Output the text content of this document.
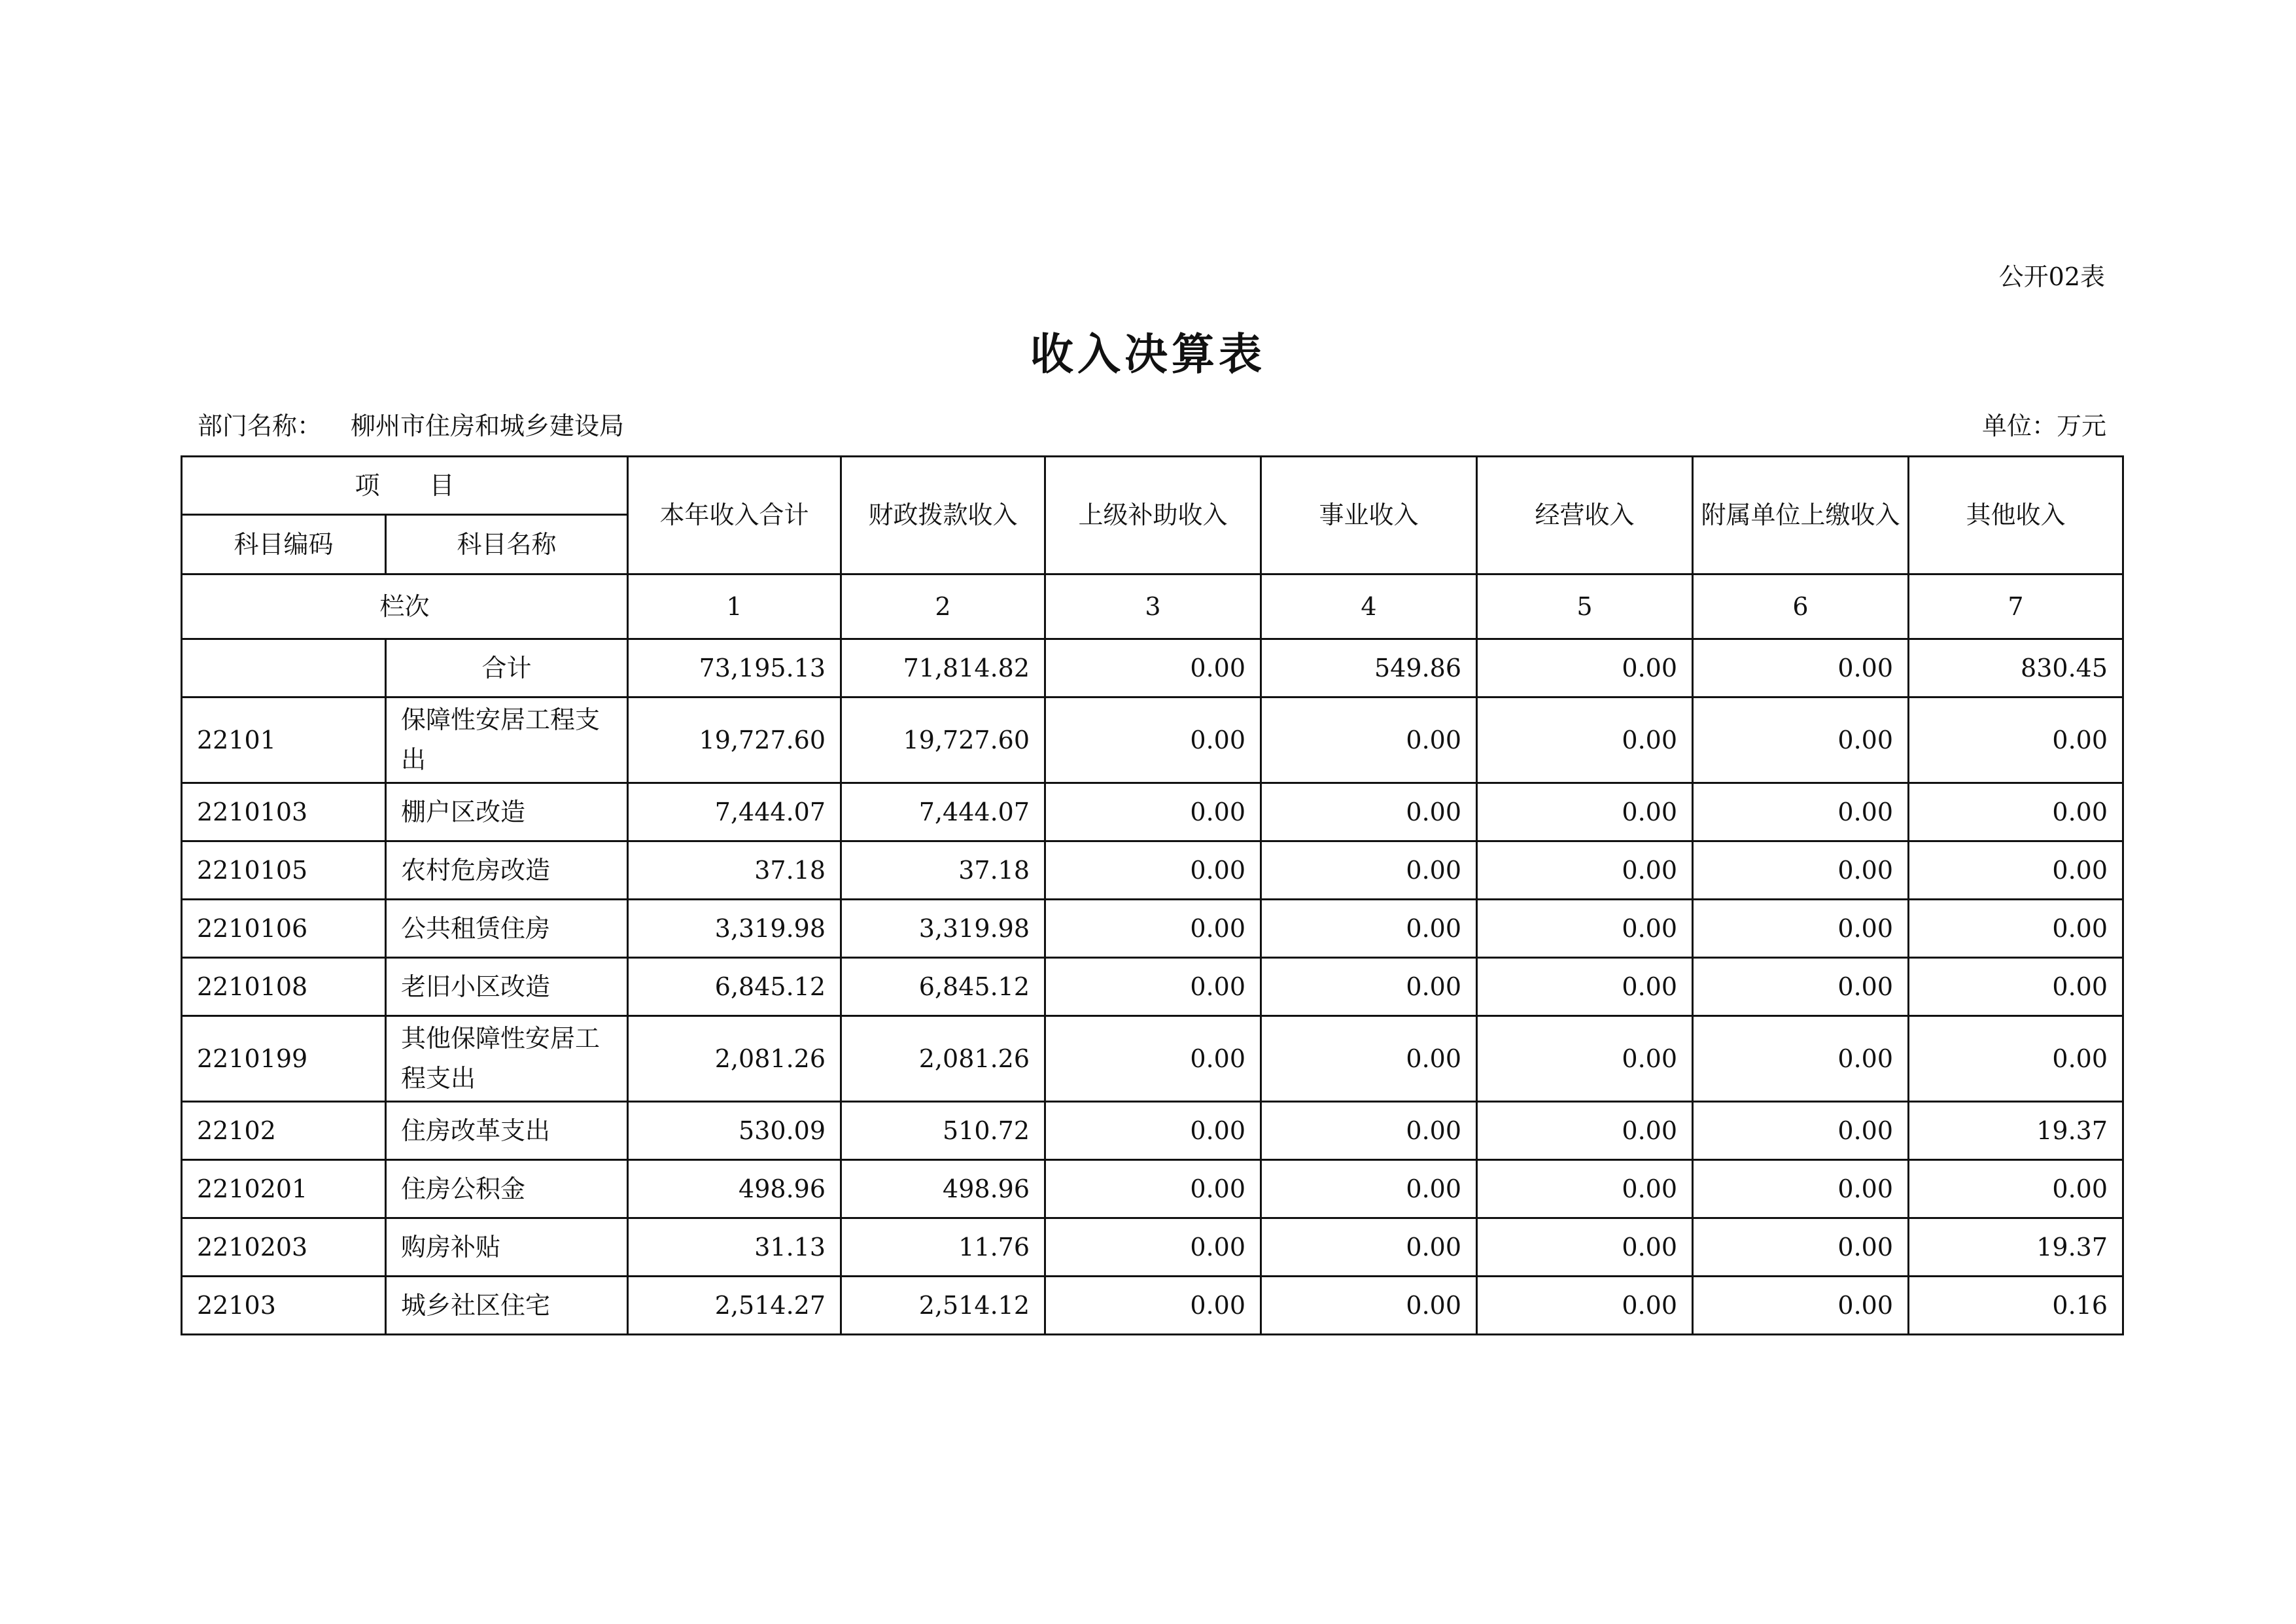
公开02表
收入决算表
部门名称： 柳州市住房和城乡建设局	单位：万元
项　　目		本年收入合计	财政拨款收入	上级补助收入	事业收入	经营收入	附属单位上缴收入	其他收入
科目编码	科目名称							
栏次		1	2	3	4	5	6	7
	合计	73,195.13	71,814.82	0.00	549.86	0.00	0.00	830.45
22101	保障性安居工程支出	19,727.60	19,727.60	0.00	0.00	0.00	0.00	0.00
2210103	棚户区改造	7,444.07	7,444.07	0.00	0.00	0.00	0.00	0.00
2210105	农村危房改造	37.18	37.18	0.00	0.00	0.00	0.00	0.00
2210106	公共租赁住房	3,319.98	3,319.98	0.00	0.00	0.00	0.00	0.00
2210108	老旧小区改造	6,845.12	6,845.12	0.00	0.00	0.00	0.00	0.00
2210199	其他保障性安居工程支出	2,081.26	2,081.26	0.00	0.00	0.00	0.00	0.00
22102	住房改革支出	530.09	510.72	0.00	0.00	0.00	0.00	19.37
2210201	住房公积金	498.96	498.96	0.00	0.00	0.00	0.00	0.00
2210203	购房补贴	31.13	11.76	0.00	0.00	0.00	0.00	19.37
22103	城乡社区住宅	2,514.27	2,514.12	0.00	0.00	0.00	0.00	0.16
